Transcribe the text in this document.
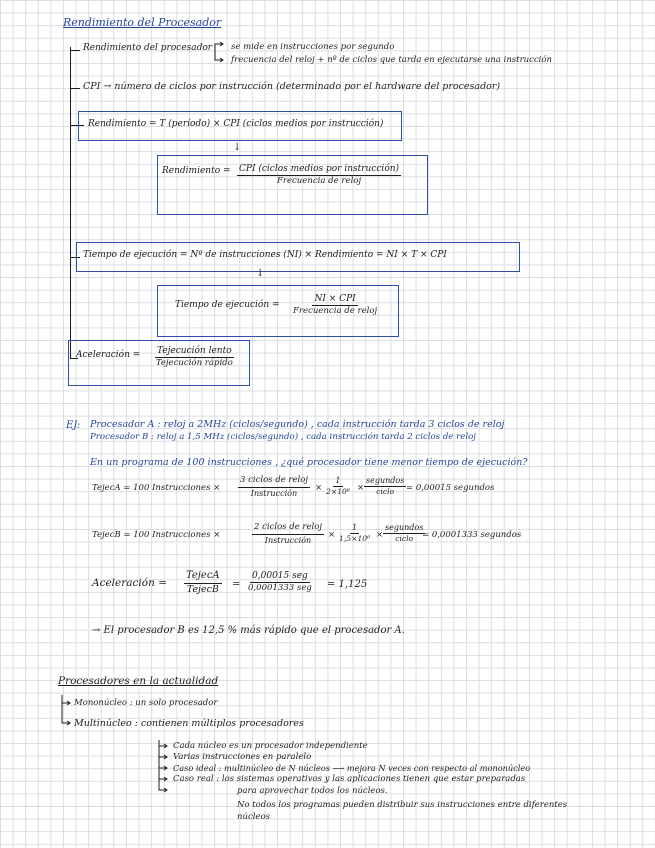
Rendimiento del Procesador
Rendimiento del procesador se mide en instrucciones por segundo
frecuencia del reloj + nº de ciclos que tarda en ejecutarse una instrucción
CPI → número de ciclos por instrucción (determinado por el hardware del procesador)
Rendimiento = T (período) × CPI (ciclos medios por instrucción)
↓
Rendimiento = CPI (ciclos medios por instrucción)
Frecuencia de reloj
Tiempo de ejecución = Nº de instrucciones (NI) × Rendimiento = NI × T × CPI
↓
Tiempo de ejecución =
NI × CPI
Frecuencia de reloj
Aceleración = Tejecución lento
Tejecución rápido
EJ: Procesador A : reloj a 2MHz (ciclos/segundo) , cada instrucción tarda 3 ciclos de reloj
Procesador B : reloj a 1,5 MHz (ciclos/segundo) , cada instrucción tarda 2 ciclos de reloj
En un programa de 100 instrucciones , ¿qué procesador tiene menor tiempo de ejecución?
TejecA = 100 Instrucciones ×
3 ciclos de reloj
Instrucción
× $\frac{1}{\text{2×10⁶}}$ ×
segundos
ciclo = 0,00015 segundos
TejecB = 100 Instrucciones ×
2 ciclos de reloj
Instrucción
× $\frac{1}{\text{1,5×10⁶}}$ ×
segundos
ciclo = 0,0001333 segundos
Aceleración =
TejecA
TejecB =
0,00015 seg
0,0001333 seg = 1,125
→ El procesador B es 12,5 % más rápido que el procesador A.
Procesadores en la actualidad
Mononúcleo : un solo procesador
Multinúcleo : contienen múltiplos procesadores
Cada núcleo es un procesador independiente
Varias instrucciones en paralelo
Caso ideal : multinúcleo de N núcleos ⟶ mejora N veces con respecto al mononúcleo
Caso real : los sistemas operativos y las aplicaciones tienen que estar preparadas
para aprovechar todos los núcleos.
No todos los programas pueden distribuir sus instrucciones entre diferentes
núcleos
